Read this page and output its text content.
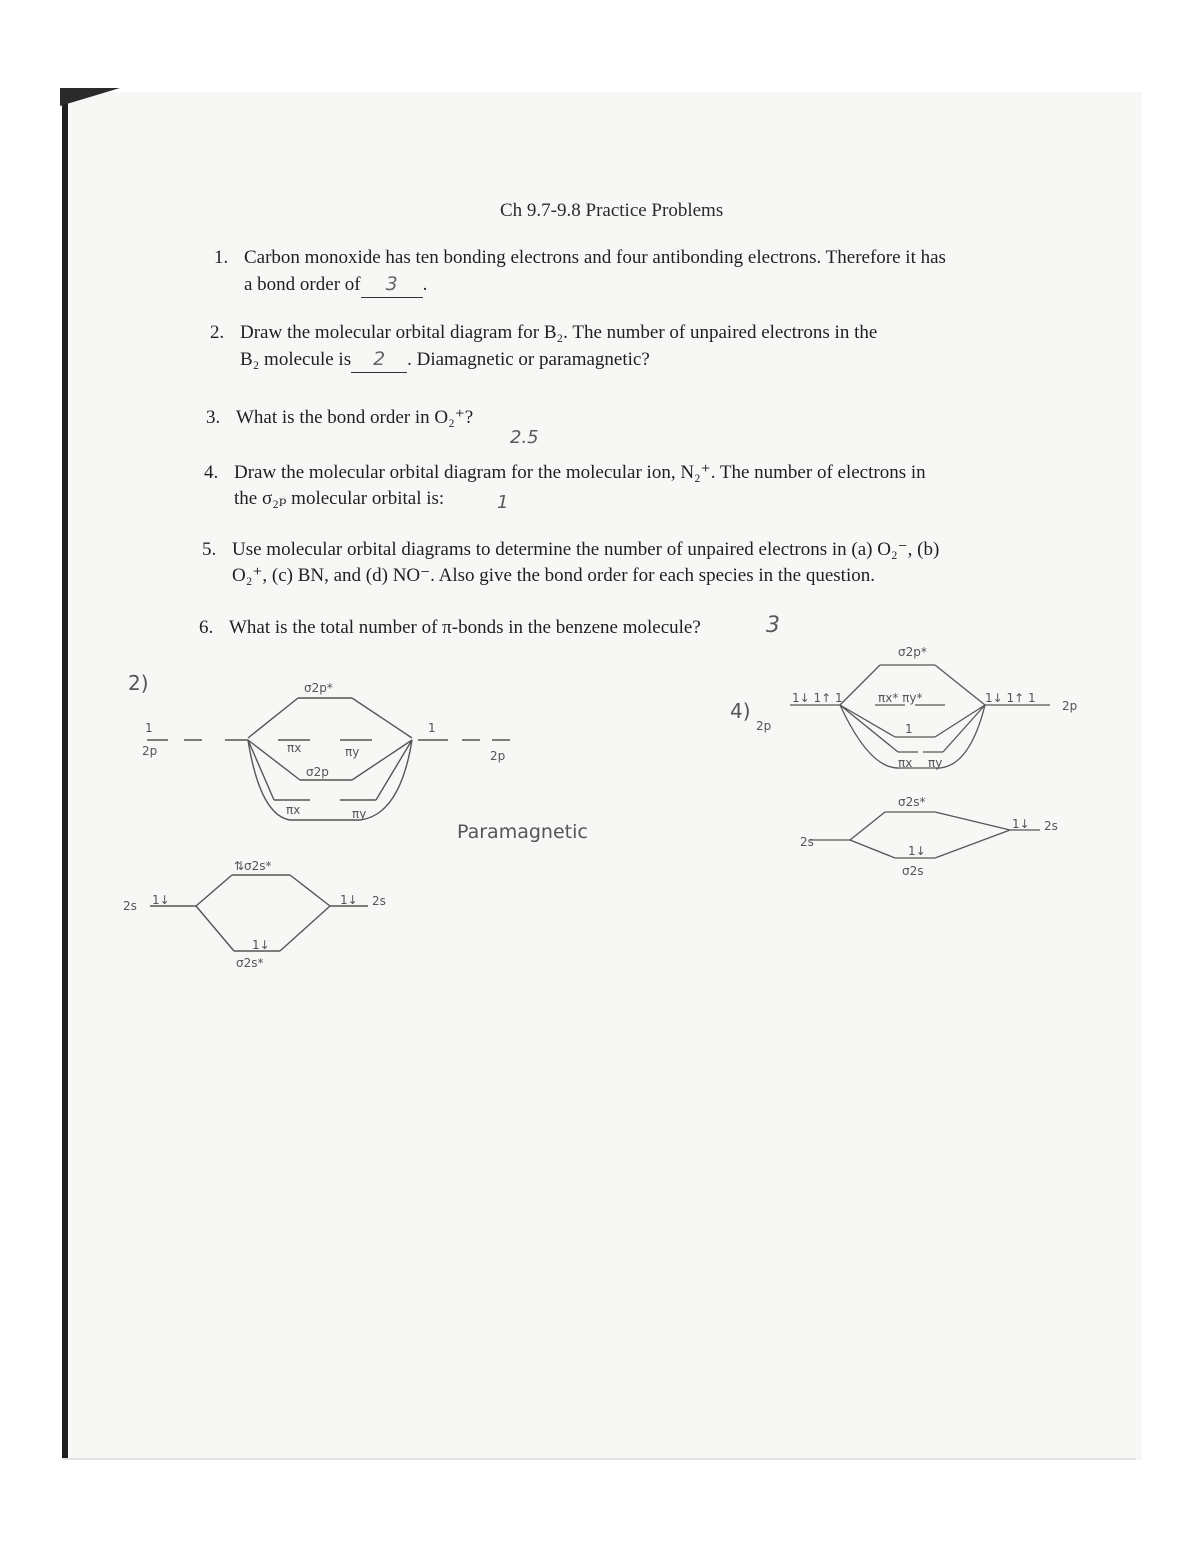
Ch 9.7-9.8 Practice Problems
1. Carbon monoxide has ten bonding electrons and four antibonding electrons. Therefore it has
a bond order of 3 .
2. Draw the molecular orbital diagram for B₂. The number of unpaired electrons in the
B₂ molecule is 2 . Diamagnetic or paramagnetic?
3. What is the bond order in O₂⁺?
2.5
4. Draw the molecular orbital diagram for the molecular ion, N₂⁺. The number of electrons in
the σ₂ₚ molecular orbital is:	1
5. Use molecular orbital diagrams to determine the number of unpaired electrons in (a) O₂⁻, (b)
O₂⁺, (c) BN, and (d) NO⁻. Also give the bond order for each species in the question.
6. What is the total number of π-bonds in the benzene molecule?	3
2)
1
2p
1
2p
σ2p*
πx	πy
σ2p
πx	πy
Paramagnetic
⇅σ2s*
σ2s*
1↓
2s 1↓	1↓ 2s
4)
2p
1↓ 1↑ 1	1↓ 1↑ 1
2p
σ2p*
πx* πy*
1
πx πy
σ2s*
σ2s
1↓
2s
1↓ 2s
